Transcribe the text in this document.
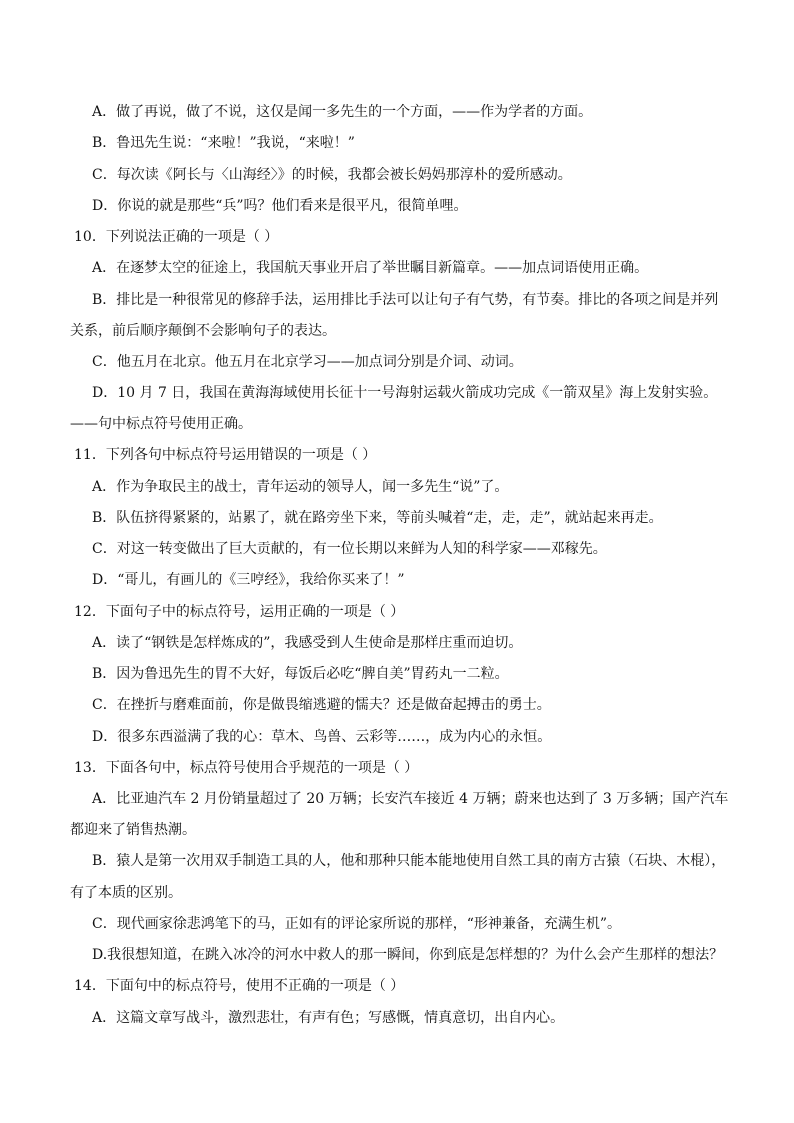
A．做了再说，做了不说，这仅是闻一多先生的一个方面，——作为学者的方面。
B．鲁迅先生说：“来啦！”我说，“来啦！”
C．每次读《阿长与〈山海经〉》的时候，我都会被长妈妈那淳朴的爱所感动。
D．你说的就是那些“兵”吗？他们看来是很平凡，很简单哩。
10．下列说法正确的一项是（ ）
A．在逐梦太空的征途上，我国航天事业开启了举世瞩目新篇章。——加点词语使用正确。
B．排比是一种很常见的修辞手法，运用排比手法可以让句子有气势，有节奏。排比的各项之间是并列
关系，前后顺序颠倒不会影响句子的表达。
C．他五月在北京。他五月在北京学习——加点词分别是介词、动词。
D．10 月 7 日，我国在黄海海域使用长征十一号海射运载火箭成功完成《一箭双星》海上发射实验。
——句中标点符号使用正确。
11．下列各句中标点符号运用错误的一项是（ ）
A．作为争取民主的战士，青年运动的领导人，闻一多先生“说”了。
B．队伍挤得紧紧的，站累了，就在路旁坐下来，等前头喊着“走，走，走”，就站起来再走。
C．对这一转变做出了巨大贡献的，有一位长期以来鲜为人知的科学家——邓稼先。
D．“哥儿，有画儿的《三哼经》，我给你买来了！”
12．下面句子中的标点符号，运用正确的一项是（ ）
A．读了“钢铁是怎样炼成的”，我感受到人生使命是那样庄重而迫切。
B．因为鲁迅先生的胃不大好，每饭后必吃“脾自美”胃药丸一二粒。
C．在挫折与磨难面前，你是做畏缩逃避的懦夫？还是做奋起搏击的勇士。
D．很多东西溢满了我的心：草木、鸟兽、云彩等……，成为内心的永恒。
13．下面各句中，标点符号使用合乎规范的一项是（ ）
A．比亚迪汽车 2 月份销量超过了 20 万辆；长安汽车接近 4 万辆；蔚来也达到了 3 万多辆；国产汽车
都迎来了销售热潮。
B．猿人是第一次用双手制造工具的人，他和那种只能本能地使用自然工具的南方古猿（石块、木棍），
有了本质的区别。
C．现代画家徐悲鸿笔下的马，正如有的评论家所说的那样，“形神兼备，充满生机”。
D.我很想知道，在跳入冰冷的河水中救人的那一瞬间，你到底是怎样想的？为什么会产生那样的想法？
14．下面句中的标点符号，使用不正确的一项是（ ）
A．这篇文章写战斗，激烈悲壮，有声有色；写感慨，情真意切，出自内心。
